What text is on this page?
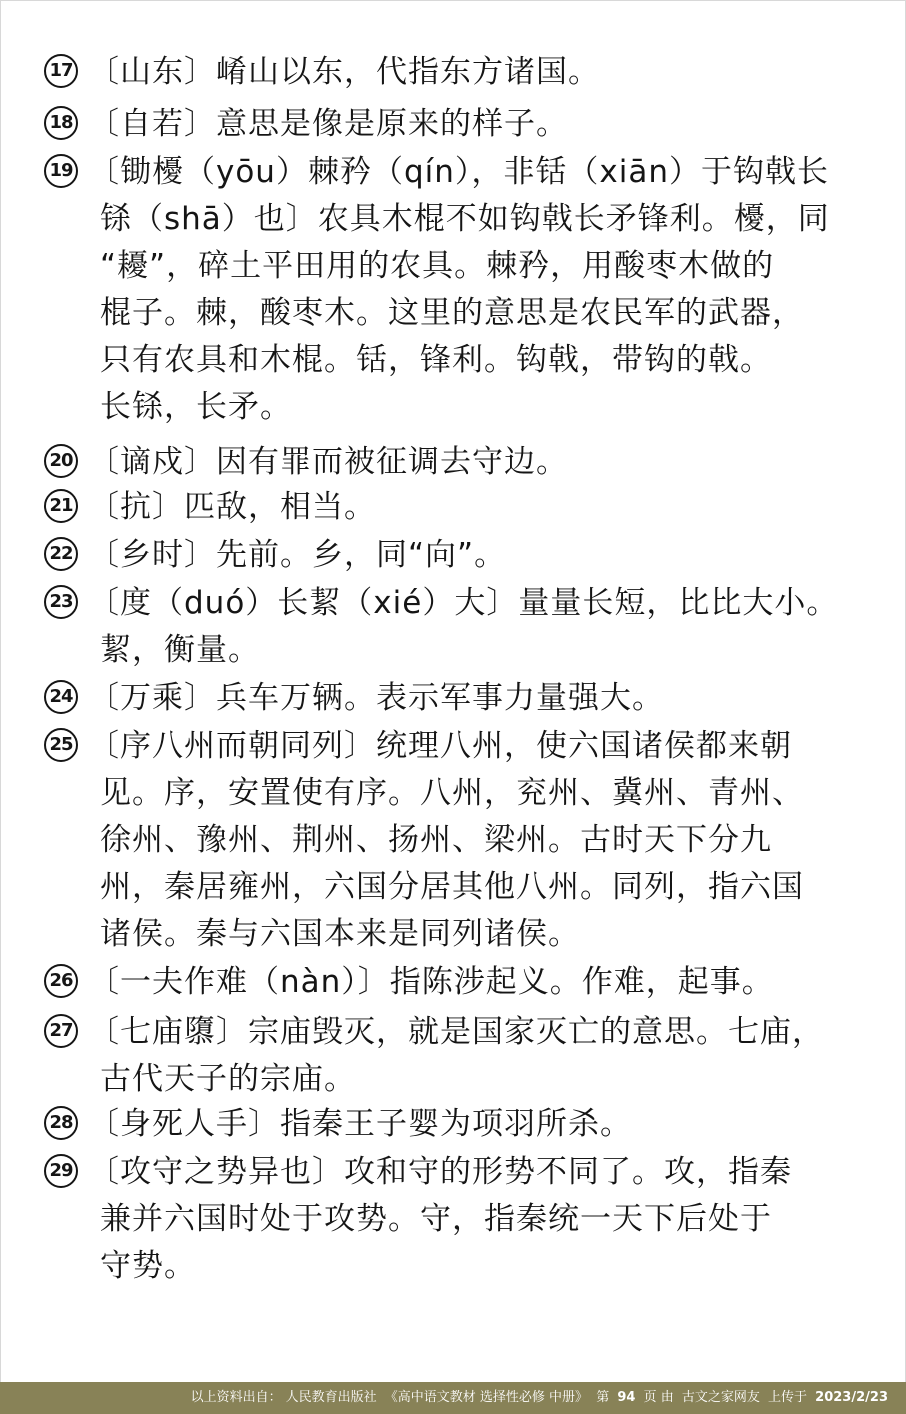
17 〔山东〕崤山以东，代指东方诸国。
18 〔自若〕意思是像是原来的样子。
19 〔锄櫌（yōu）棘矜（qín），非铦（xiān）于钩戟长
铩（shā）也〕农具木棍不如钩戟长矛锋利。櫌，同
“耰”，碎土平田用的农具。棘矜，用酸枣木做的
棍子。棘，酸枣木。这里的意思是农民军的武器，
只有农具和木棍。铦，锋利。钩戟，带钩的戟。
长铩，长矛。
20 〔谪戍〕因有罪而被征调去守边。
21 〔抗〕匹敌，相当。
22 〔乡时〕先前。乡，同“向”。
23 〔度（duó）长絜（xié）大〕量量长短，比比大小。
絜，衡量。
24 〔万乘〕兵车万辆。表示军事力量强大。
25 〔序八州而朝同列〕统理八州，使六国诸侯都来朝
见。序，安置使有序。八州，兖州、冀州、青州、
徐州、豫州、荆州、扬州、梁州。古时天下分九
州，秦居雍州，六国分居其他八州。同列，指六国
诸侯。秦与六国本来是同列诸侯。
26 〔一夫作难（nàn）〕指陈涉起义。作难，起事。
27 〔七庙隳〕宗庙毁灭，就是国家灭亡的意思。七庙，
古代天子的宗庙。
28 〔身死人手〕指秦王子婴为项羽所杀。
29 〔攻守之势异也〕攻和守的形势不同了。攻，指秦
兼并六国时处于攻势。守，指秦统一天下后处于
守势。
以上资料出自： 人民教育出版社 《高中语文教材 选择性必修 中册》 第 94 页 由 古文之家网友 上传于 2023/2/23
